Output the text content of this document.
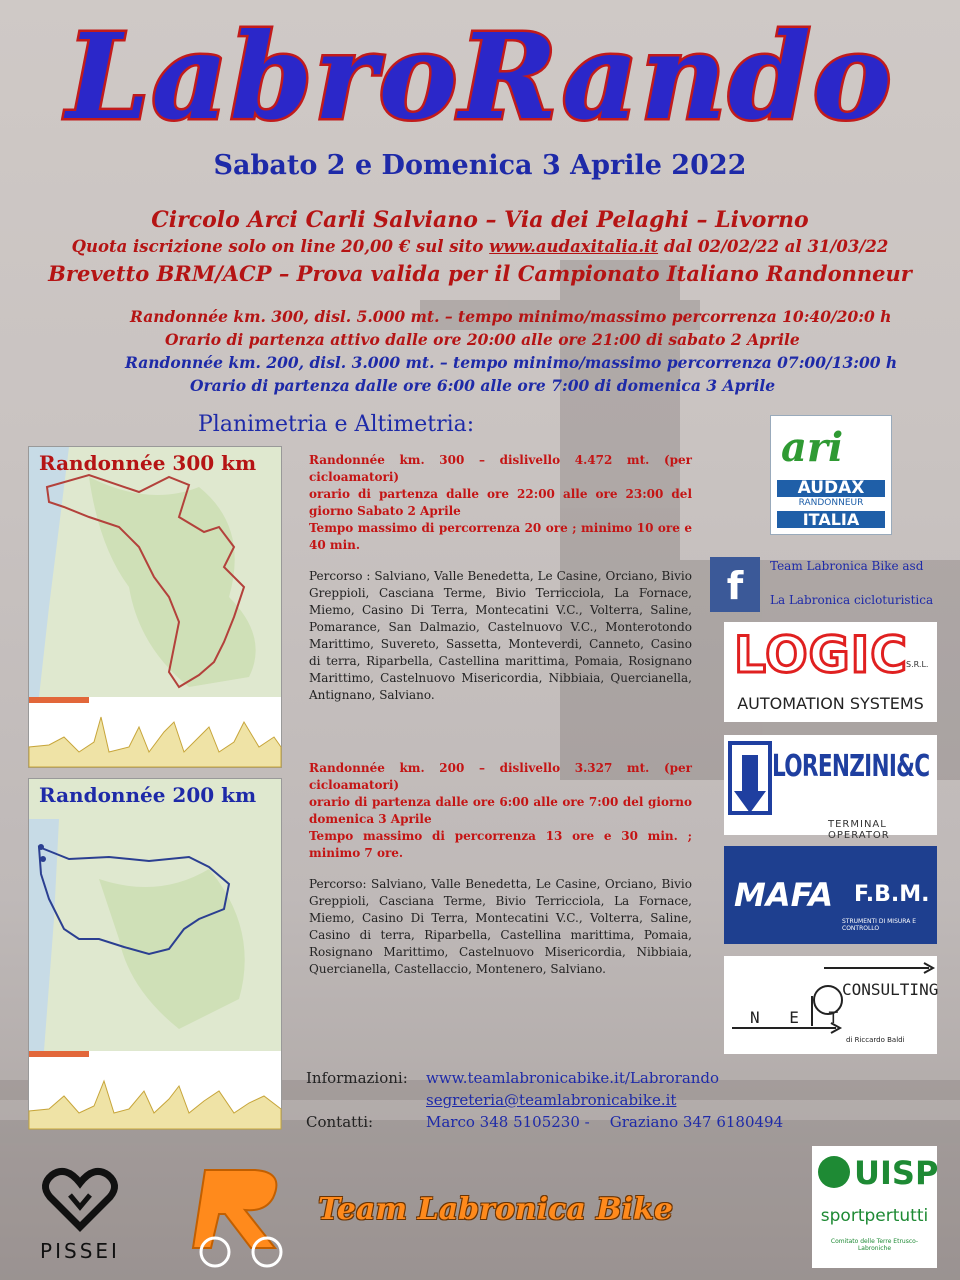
LabroRando
Sabato 2 e Domenica 3 Aprile 2022
Circolo Arci Carli Salviano – Via dei Pelaghi – Livorno
Quota iscrizione solo on line 20,00 € sul sito www.audaxitalia.it dal 02/02/22 al 31/03/22
Brevetto BRM/ACP – Prova valida per il Campionato Italiano Randonneur
Randonnée km. 300, disl. 5.000 mt. – tempo minimo/massimo percorrenza 10:40/20:0 h
Orario di partenza attivo dalle ore 20:00 alle ore 21:00 di sabato 2 Aprile
Randonnée km. 200, disl. 3.000 mt. – tempo minimo/massimo percorrenza 07:00/13:00 h
Orario di partenza dalle ore 6:00 alle ore 7:00 di domenica 3 Aprile
Planimetria e Altimetria:
Randonnée 300 km
Randonnée 200 km
Randonnée km. 300 – dislivello 4.472 mt. (per cicloamatori)
orario di partenza dalle ore 22:00 alle ore 23:00 del giorno Sabato 2 Aprile
Tempo massimo di percorrenza 20 ore ; minimo 10 ore e 40 min.
Percorso : Salviano, Valle Benedetta, Le Casine, Orciano, Bivio Greppioli, Casciana Terme, Bivio Terricciola, La Fornace, Miemo, Casino Di Terra, Montecatini V.C., Volterra, Saline, Pomarance, San Dalmazio, Castelnuovo V.C., Monterotondo Marittimo, Suvereto, Sassetta, Monteverdi, Canneto, Casino di terra, Riparbella, Castellina marittima, Pomaia, Rosignano Marittimo, Castelnuovo Misericordia, Nibbiaia, Quercianella, Antignano, Salviano.
Randonnée km. 200 – dislivello 3.327 mt. (per cicloamatori)
orario di partenza dalle ore 6:00 alle ore 7:00 del giorno domenica 3 Aprile
Tempo massimo di percorrenza 13 ore e 30 min. ; minimo 7 ore.
Percorso: Salviano, Valle Benedetta, Le Casine, Orciano, Bivio Greppioli, Casciana Terme, Bivio Terricciola, La Fornace, Miemo, Casino Di Terra, Montecatini V.C., Volterra, Saline, Casino di terra, Riparbella, Castellina marittima, Pomaia, Rosignano Marittimo, Castelnuovo Misericordia, Nibbiaia, Quercianella, Castellaccio, Montenero, Salviano.
ari
AUDAX
RANDONNEUR
ITALIA
f	Team Labronica Bike asd
La Labronica cicloturistica
LOGIC
S.R.L.
AUTOMATION SYSTEMS
LORENZINI&C
TERMINAL OPERATOR
MAFA F.B.M.
STRUMENTI DI MISURA E CONTROLLO
N E T
CONSULTING
di Riccardo Baldi
Informazioni: www.teamlabronicabike.it/Labrorando
segreteria@teamlabronicabike.it
Contatti:	Marco 348 5105230 - Graziano 347 6180494
PISSEI
Team Labronica Bike
UISP
sportpertutti
Comitato delle Terre Etrusco-Labroniche
